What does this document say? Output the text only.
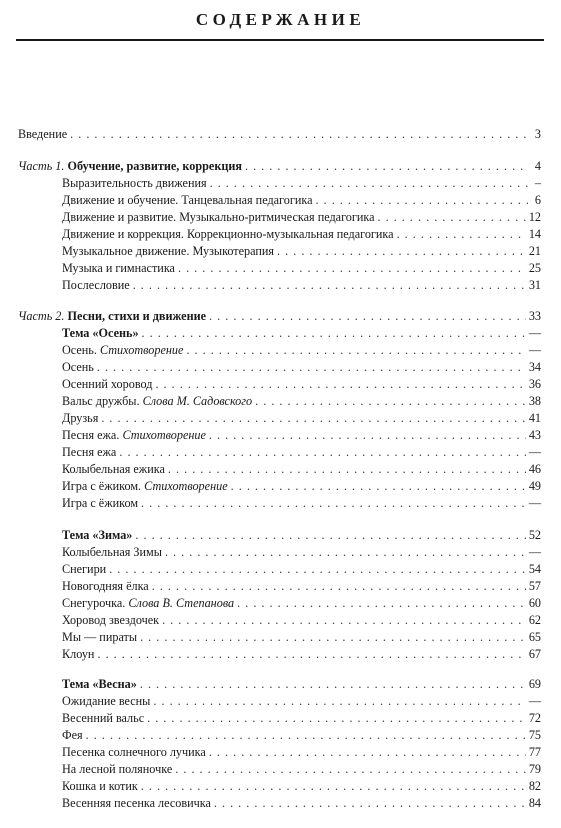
СОДЕРЖАНИЕ
Введение . . .	3
Часть 1. Обучение, развитие, коррекция . . .	4
Выразительность движения . . .	–
Движение и обучение. Танцевальная педагогика . . .	6
Движение и развитие. Музыкально-ритмическая педагогика . . .	12
Движение и коррекция. Коррекционно-музыкальная педагогика . . .	14
Музыкальное движение. Музыкотерапия . . .	21
Музыка и гимнастика . . .	25
Послесловие . . .	31
Часть 2. Песни, стихи и движение . . .	33
Тема «Осень» . . .	—
Осень. Стихотворение . . .	—
Осень . . .	34
Осенний хоровод . . .	36
Вальс дружбы. Слова М. Садовского . . .	38
Друзья . . .	41
Песня ежа. Стихотворение . . .	43
Песня ежа . . .	—
Колыбельная ежика . . .	46
Игра с ёжиком. Стихотворение . . .	49
Игра с ёжиком . . .	—
Тема «Зима» . . .	52
Колыбельная Зимы . . .	—
Снегири . . .	54
Новогодняя ёлка . . .	57
Снегурочка. Слова В. Степанова . . .	60
Хоровод звездочек . . .	62
Мы — пираты . . .	65
Клоун . . .	67
Тема «Весна» . . .	69
Ожидание весны . . .	—
Весенний вальс . . .	72
Фея . . .	75
Песенка солнечного лучика . . .	77
На лесной поляночке . . .	79
Кошка и котик . . .	82
Весенняя песенка лесовичка . . .	84
